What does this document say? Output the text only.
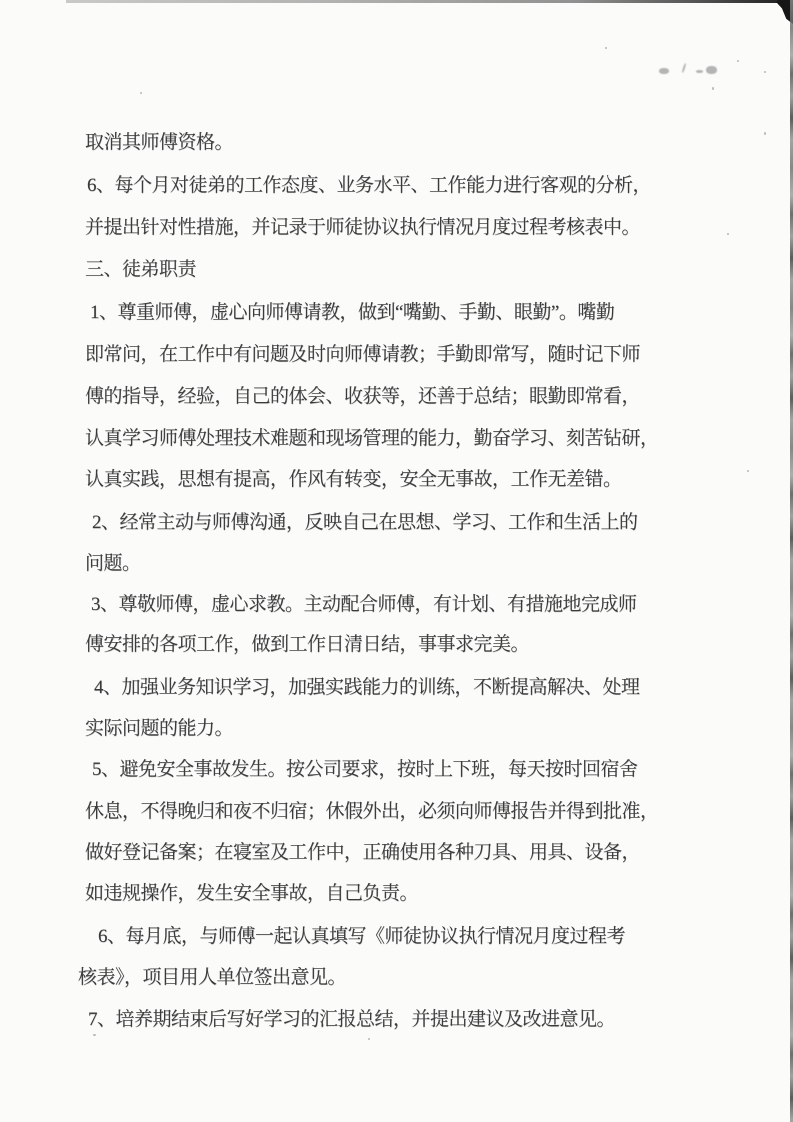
取消其师傅资格。
6、每个月对徒弟的工作态度、业务水平、工作能力进行客观的分析，
并提出针对性措施，并记录于师徒协议执行情况月度过程考核表中。
三、徒弟职责
1、尊重师傅，虚心向师傅请教，做到“嘴勤、手勤、眼勤”。嘴勤
即常问，在工作中有问题及时向师傅请教；手勤即常写，随时记下师
傅的指导，经验，自己的体会、收获等，还善于总结；眼勤即常看，
认真学习师傅处理技术难题和现场管理的能力，勤奋学习、刻苦钻研，
认真实践，思想有提高，作风有转变，安全无事故，工作无差错。
2、经常主动与师傅沟通，反映自己在思想、学习、工作和生活上的
问题。
3、尊敬师傅，虚心求教。主动配合师傅，有计划、有措施地完成师
傅安排的各项工作，做到工作日清日结，事事求完美。
4、加强业务知识学习，加强实践能力的训练，不断提高解决、处理
实际问题的能力。
5、避免安全事故发生。按公司要求，按时上下班，每天按时回宿舍
休息，不得晚归和夜不归宿；休假外出，必须向师傅报告并得到批准，
做好登记备案；在寝室及工作中，正确使用各种刀具、用具、设备，
如违规操作，发生安全事故，自己负责。
6、每月底，与师傅一起认真填写《师徒协议执行情况月度过程考
核表》，项目用人单位签出意见。
7、培养期结束后写好学习的汇报总结，并提出建议及改进意见。
